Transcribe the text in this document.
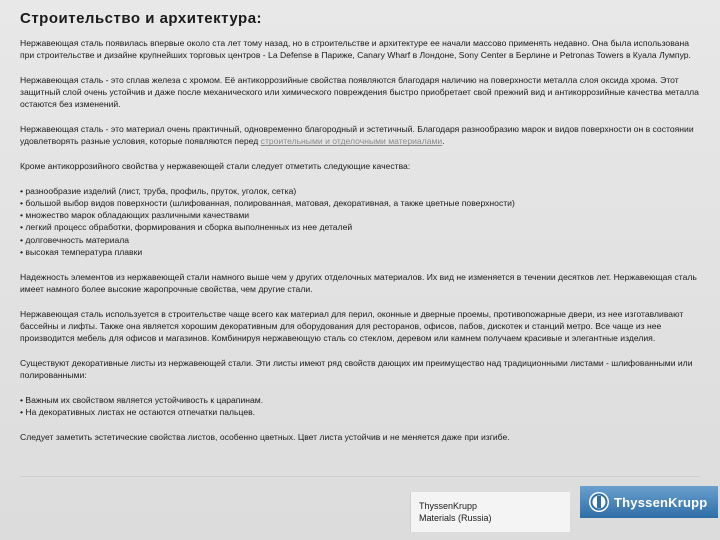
Строительство и архитектура:

Нержавеющая сталь появилась впервые около ста лет тому назад, но в строительстве и архитектуре ее начали массово применять недавно. Она была использована при строительстве и дизайне крупнейших торговых центров - La Defense в Париже, Canary Wharf в Лондоне, Sony Center в Берлине и Petronas Towers в Куала Лумпур.

Нержавеющая сталь - это сплав железа с хромом. Её антикоррозийные свойства появляются благодаря наличию на поверхности металла слоя оксида хрома. Этот защитный слой очень устойчив и даже после механического или химического повреждения быстро приобретает свой прежний вид и антикоррозийные качества металла остаются без изменений.

Нержавеющая сталь - это материал очень практичный, одновременно благородный и эстетичный. Благодаря разнообразию марок и видов поверхности он в состоянии удовлетворять разные условия, которые появляются перед строительными и отделочными материалами.

Кроме антикоррозийного свойства у нержавеющей стали следует отметить следующие качества:

• разнообразие изделий (лист, труба, профиль, пруток, уголок, сетка)
• большой выбор видов поверхности (шлифованная, полированная, матовая, декоративная, а также цветные поверхности)
• множество марок обладающих различными качествами
• легкий процесс обработки, формирования и сборка выполненных из нее деталей
• долговечность материала
• высокая температура плавки

Надежность элементов из нержавеющей стали намного выше чем у других отделочных материалов. Их вид не изменяется в течении десятков лет. Нержавеющая сталь имеет намного более высокие жаропрочные свойства, чем другие стали.

Нержавеющая сталь используется в строительстве чаще всего как материал для перил, оконные и дверные проемы, противопожарные двери, из нее изготавливают бассейны и лифты. Также она является хорошим декоративным для оборудования для ресторанов, офисов, пабов, дискотек и станций метро. Все чаще из нее производится мебель для офисов и магазинов. Комбинируя нержавеющую сталь со стеклом, деревом или камнем получаем красивые и элегантные изделия.

Существуют декоративные листы из нержавеющей стали. Эти листы имеют ряд свойств дающих им преимущество над традиционными листами - шлифованными или полированными:

• Важным их свойством является устойчивость к царапинам.
• На декоративных листах не остаются отпечатки пальцев.

Следует заметить эстетические свойства листов, особенно цветных. Цвет листа устойчив и не меняется даже при изгибе.

ThyssenKrupp
Materials (Russia)
ThyssenKrupp
